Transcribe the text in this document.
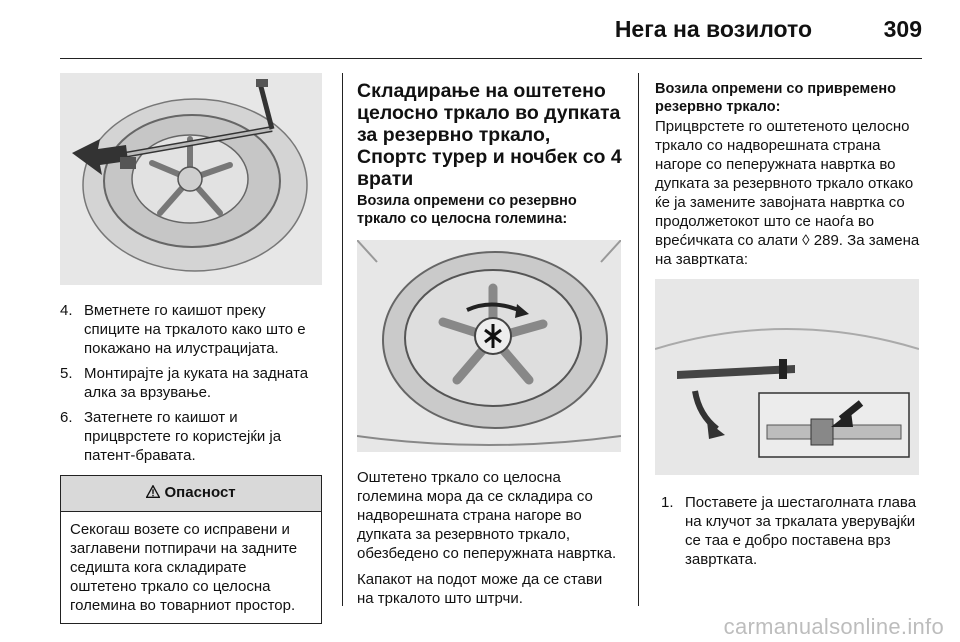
Нега на возилото	309
4. Вметнете го каишот преку спиците на тркалото како што е покажано на илустрацијата.
5. Монтирајте ја куката на задната алка за врзување.
6. Затегнете го каишот и прицврстете го користејќи ја патент-бравата.
Опасност
Секогаш возете со исправени и заглавени потпирачи на задните седишта кога складирате оштетено тркало со целосна големина во товарниот простор.
Складирање на оштетено целосно тркало во дупката за резервно тркало, Спортс турер и ночбек со 4 врати
Возила опремени со резервно тркало со целосна големина:

Оштетено тркало со целосна големина мора да се складира со надворешната страна нагоре во дупката за резервното тркало, обезбедено со пеперужната навртка.

Капакот на подот може да се стави на тркалото што штрчи.

Возила опремени со привремено резервно тркало:

Прицврстете го оштетеното целосно тркало со надворешната страна нагоре со пеперужната навртка во дупката за резервното тркало откако ќе ја замените завојната навртка со продолжетокот што се наоѓа во врećичката со алати ◊ 289. За замена на завртката:

1. Поставете ја шестаголната глава на клучот за тркалата уверувајќи се таа е добро поставена врз завртката.
carmanualsonline.info
